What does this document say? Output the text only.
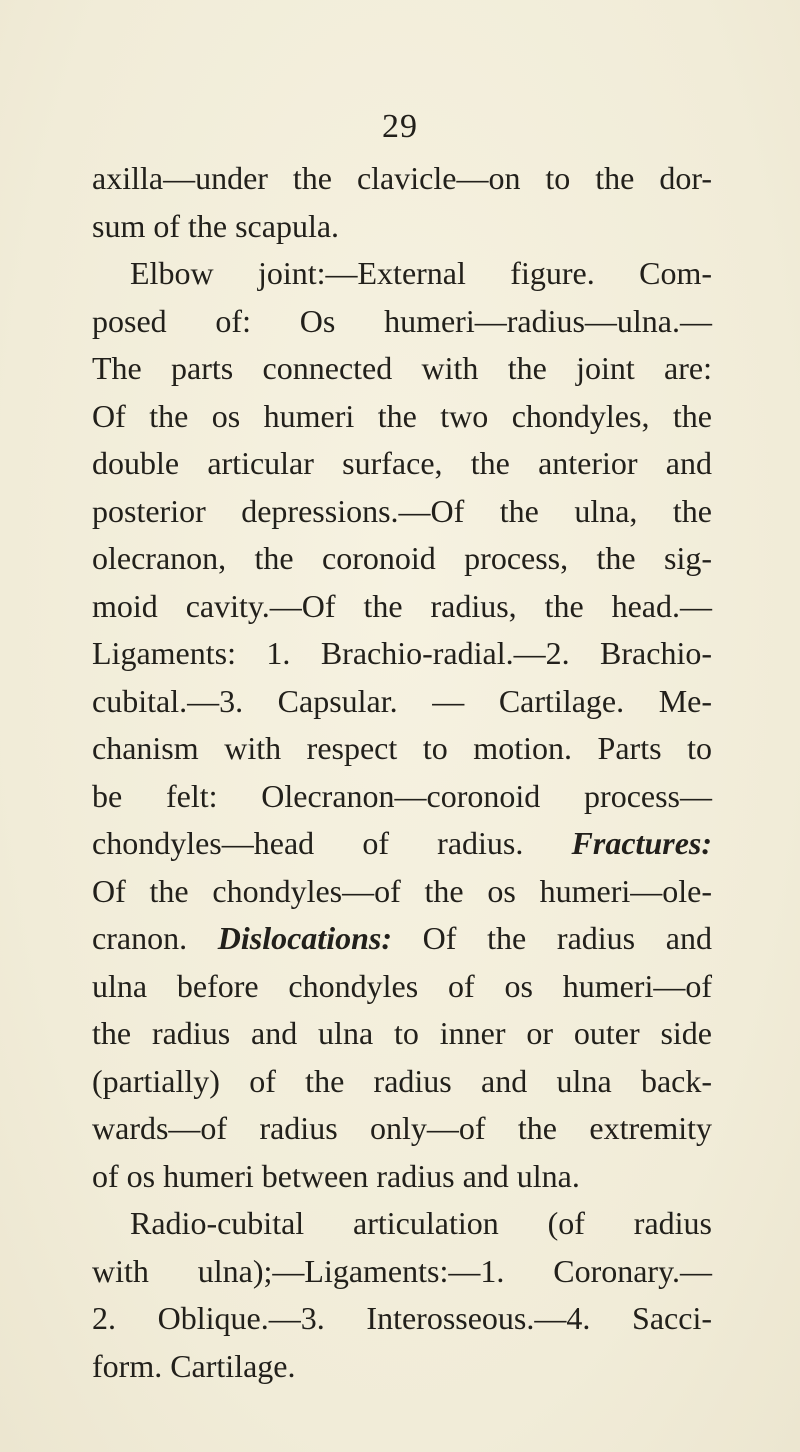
29
axilla—under the clavicle—on to the dor-
sum of the scapula.
Elbow joint:—External figure. Com-
posed of: Os humeri—radius—ulna.—
The parts connected with the joint are:
Of the os humeri the two chondyles, the
double articular surface, the anterior and
posterior depressions.—Of the ulna, the
olecranon, the coronoid process, the sig-
moid cavity.—Of the radius, the head.—
Ligaments: 1. Brachio-radial.—2. Brachio-
cubital.—3. Capsular. — Cartilage. Me-
chanism with respect to motion. Parts to
be felt: Olecranon—coronoid process—
chondyles—head of radius. Fractures:
Of the chondyles—of the os humeri—ole-
cranon. Dislocations: Of the radius and
ulna before chondyles of os humeri—of
the radius and ulna to inner or outer side
(partially) of the radius and ulna back-
wards—of radius only—of the extremity
of os humeri between radius and ulna.
Radio-cubital articulation (of radius
with ulna);—Ligaments:—1. Coronary.—
2. Oblique.—3. Interosseous.—4. Sacci-
form. Cartilage.
